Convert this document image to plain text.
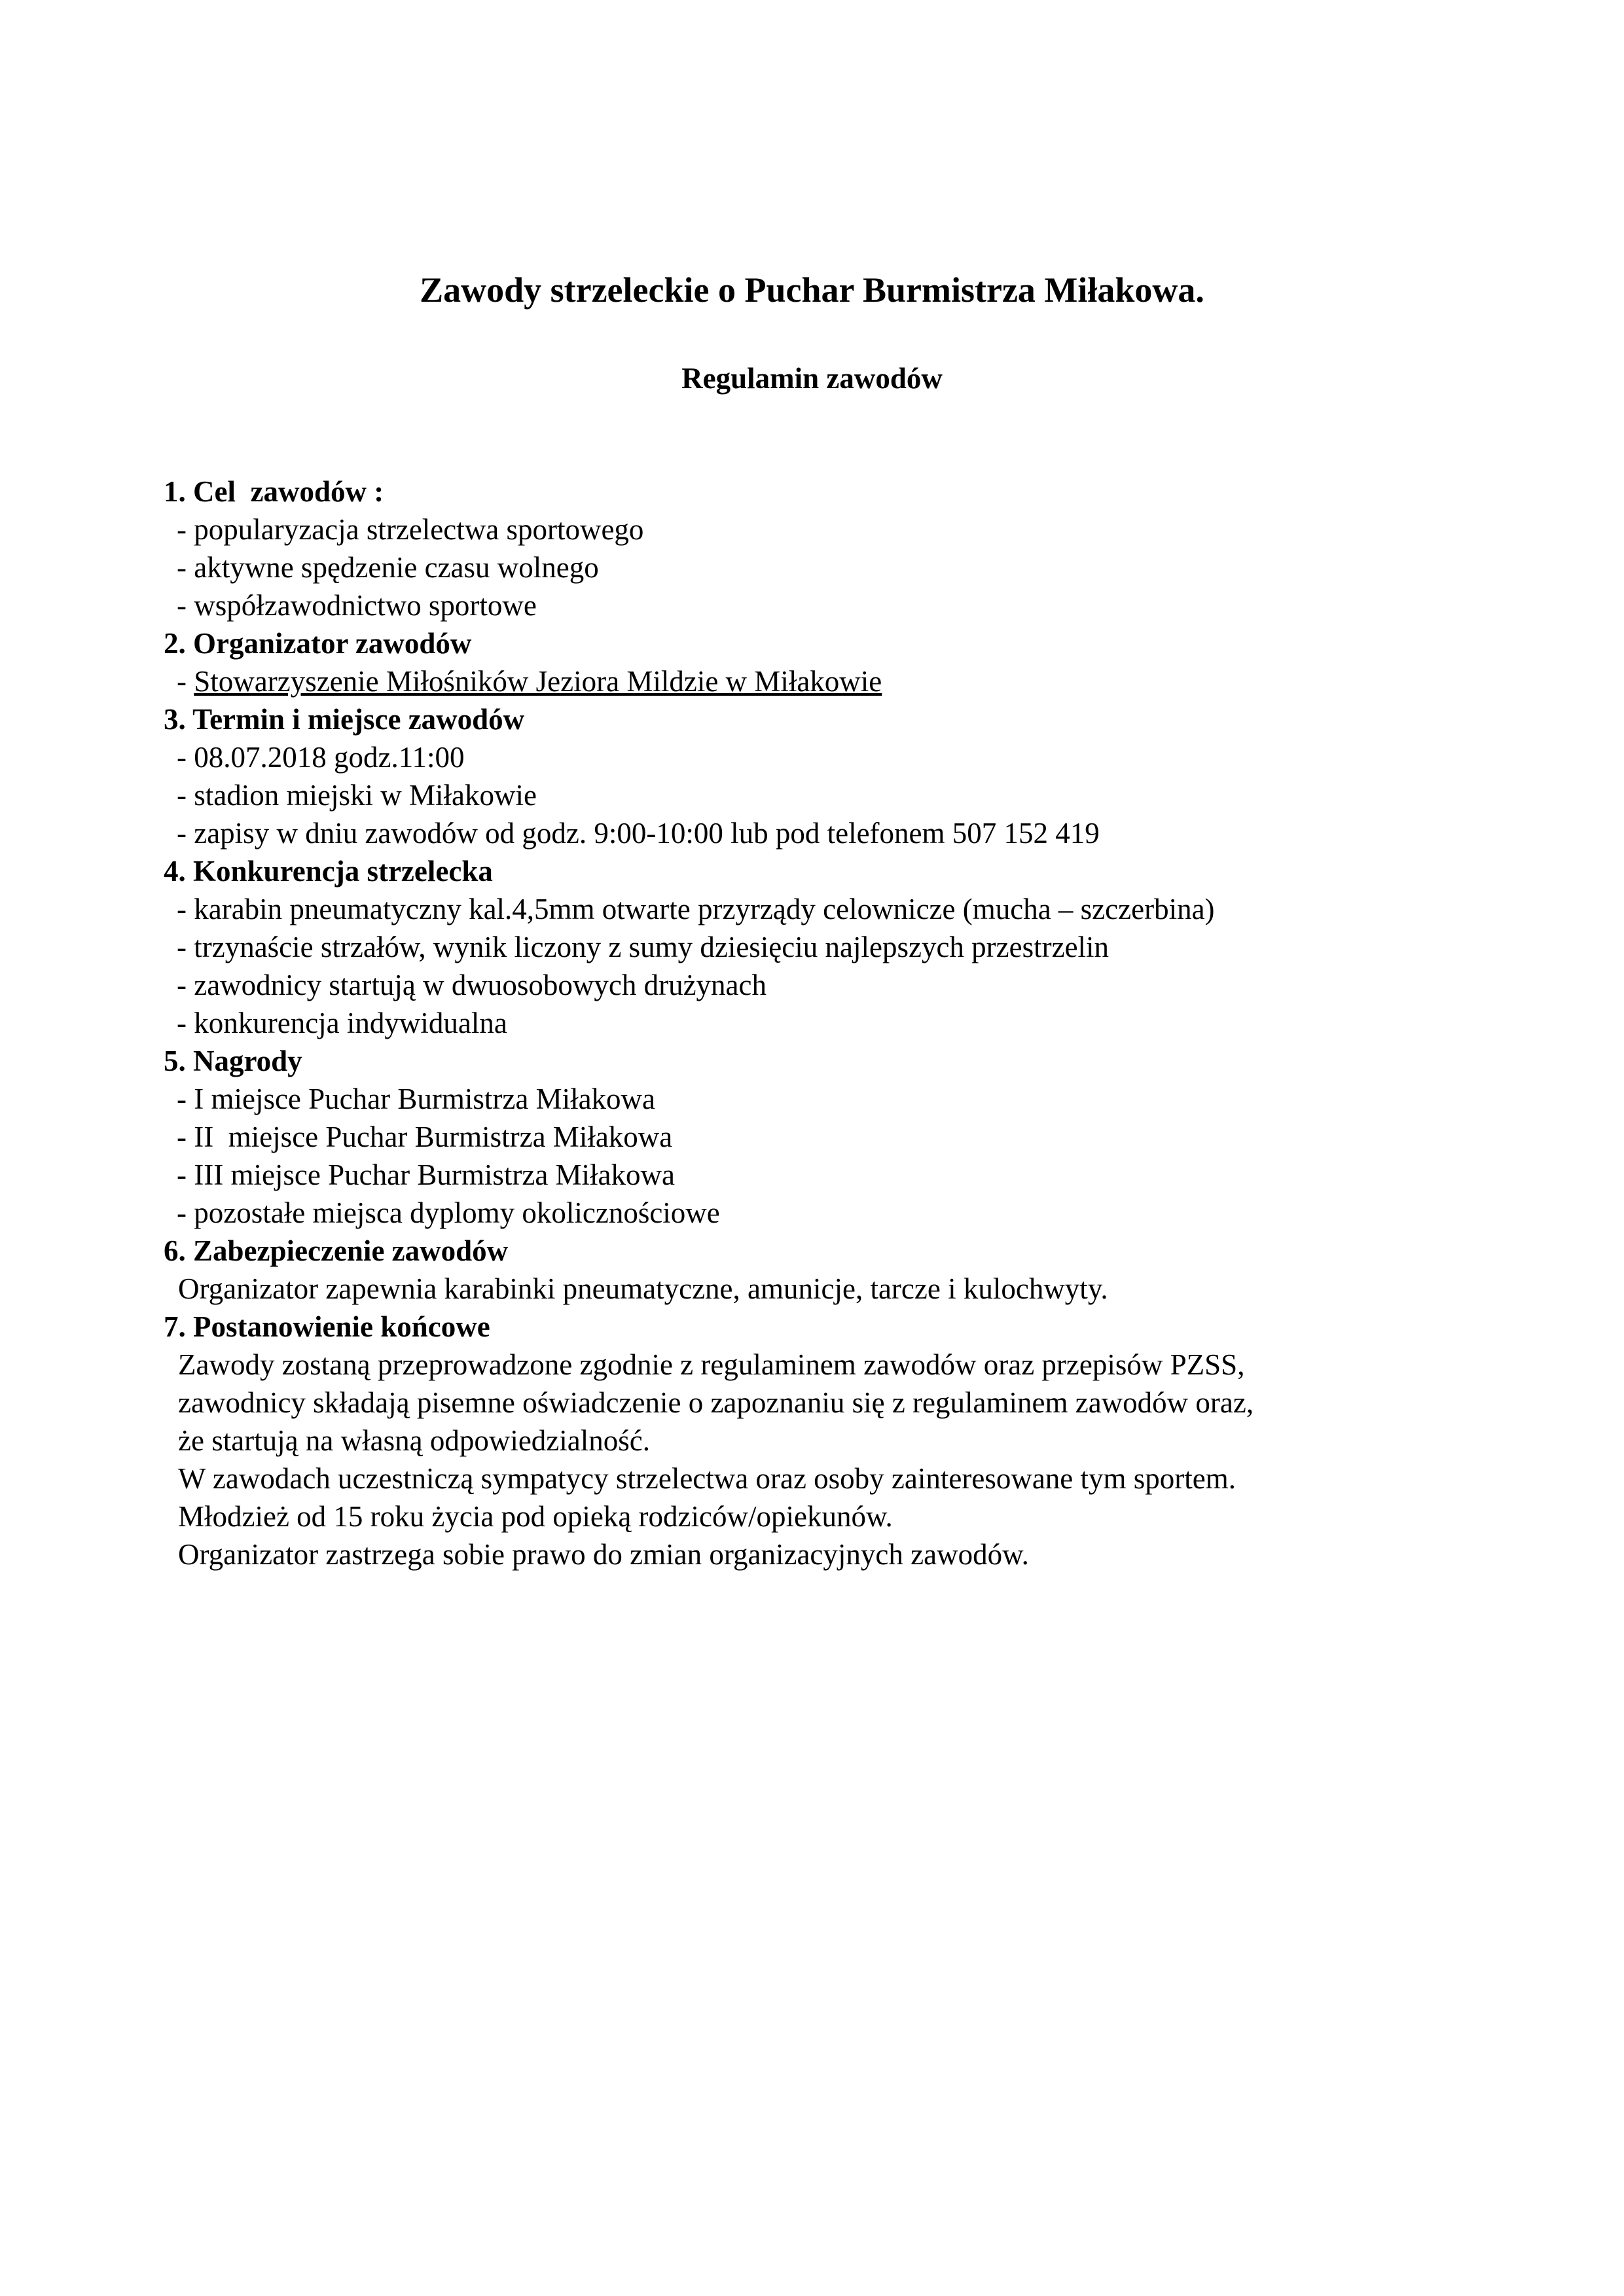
Zawody strzeleckie o Puchar Burmistrza Miłakowa.
Regulamin zawodów

1. Cel  zawodów :

- popularyzacja strzelectwa sportowego

- aktywne spędzenie czasu wolnego

- współzawodnictwo sportowe

2. Organizator zawodów

- Stowarzyszenie Miłośników Jeziora Mildzie w Miłakowie

3. Termin i miejsce zawodów

- 08.07.2018 godz.11:00

- stadion miejski w Miłakowie

- zapisy w dniu zawodów od godz. 9:00-10:00 lub pod telefonem 507 152 419

4. Konkurencja strzelecka

- karabin pneumatyczny kal.4,5mm otwarte przyrządy celownicze (mucha – szczerbina)

- trzynaście strzałów, wynik liczony z sumy dziesięciu najlepszych przestrzelin

- zawodnicy startują w dwuosobowych drużynach

- konkurencja indywidualna

5. Nagrody

- I miejsce Puchar Burmistrza Miłakowa

- II  miejsce Puchar Burmistrza Miłakowa

- III miejsce Puchar Burmistrza Miłakowa

- pozostałe miejsca dyplomy okolicznościowe

6. Zabezpieczenie zawodów

Organizator zapewnia karabinki pneumatyczne, amunicje, tarcze i kulochwyty.

7. Postanowienie końcowe

Zawody zostaną przeprowadzone zgodnie z regulaminem zawodów oraz przepisów PZSS,

zawodnicy składają pisemne oświadczenie o zapoznaniu się z regulaminem zawodów oraz,

że startują na własną odpowiedzialność.

W zawodach uczestniczą sympatycy strzelectwa oraz osoby zainteresowane tym sportem.

Młodzież od 15 roku życia pod opieką rodziców/opiekunów.

Organizator zastrzega sobie prawo do zmian organizacyjnych zawodów.
